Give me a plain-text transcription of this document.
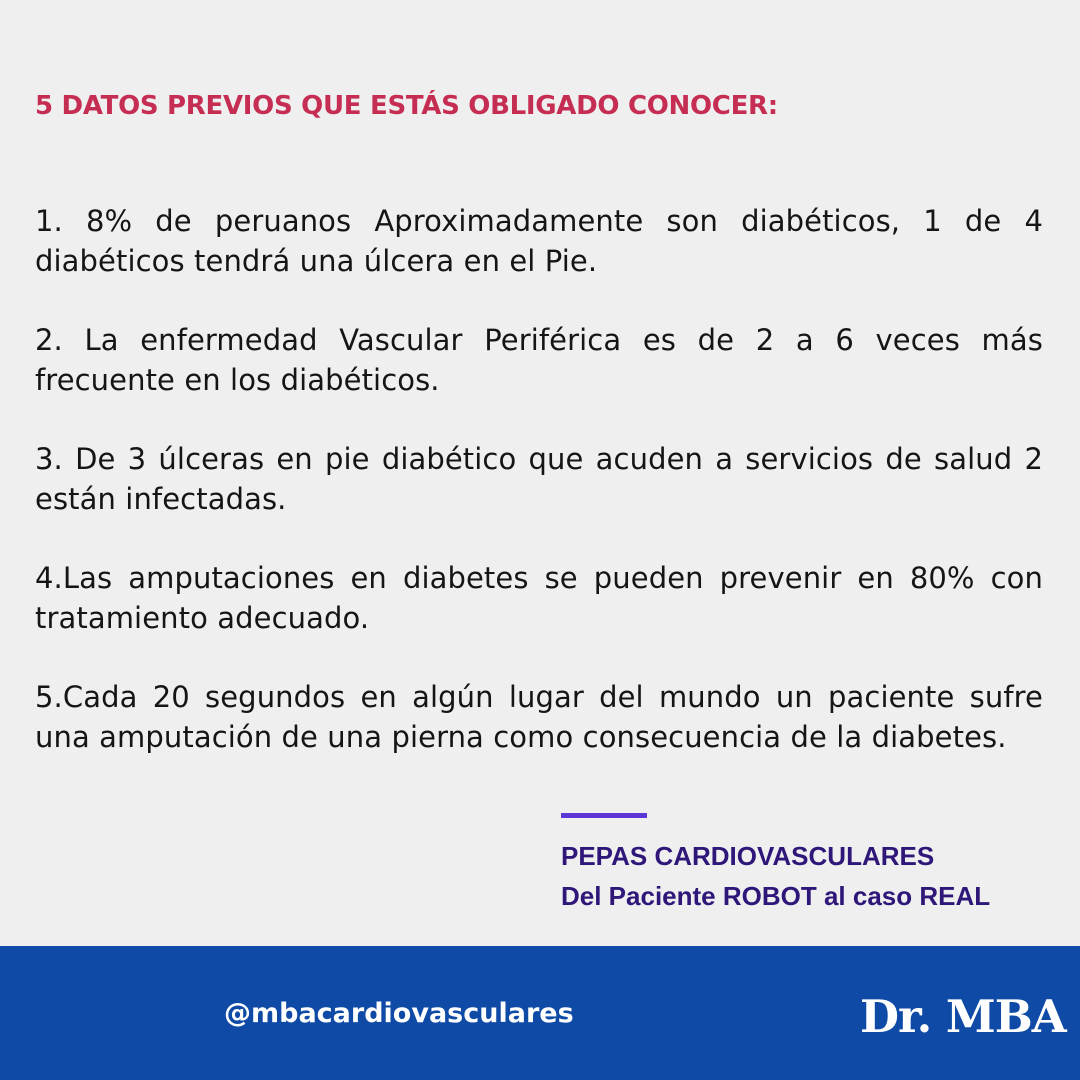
5 DATOS PREVIOS QUE ESTÁS OBLIGADO CONOCER:
1. 8% de peruanos Aproximadamente son diabéticos, 1 de 4 diabéticos tendrá una úlcera en el Pie.
2. La enfermedad Vascular Periférica es de 2 a 6 veces más frecuente en los diabéticos.
3. De 3 úlceras en pie diabético que acuden a servicios de salud 2 están infectadas.
4.Las amputaciones en diabetes se pueden prevenir en 80% con tratamiento adecuado.
5.Cada 20 segundos en algún lugar del mundo un paciente sufre una amputación de una pierna como consecuencia de la diabetes.
PEPAS CARDIOVASCULARES
Del Paciente ROBOT al caso REAL
@mbacardiovasculares	Dr. MBA
